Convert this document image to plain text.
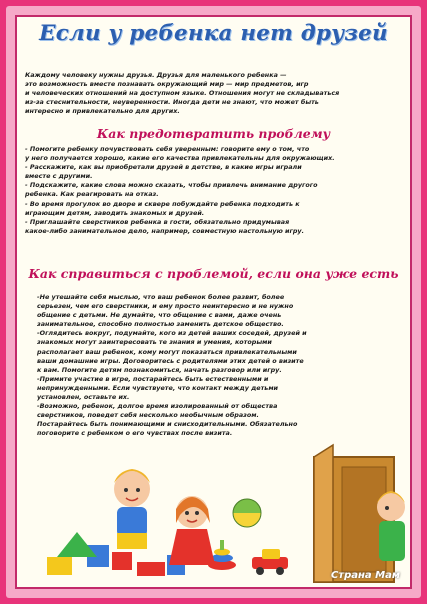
Если у ребенка нет друзей

Каждому человеку нужны друзья. Друзья для маленького ребенка —

это возможность вместе познавать окружающий мир — мир предметов, игр

и человеческих отношений на доступном языке. Отношения могут не складываться

из-за стеснительности, неуверенности. Иногда дети не знают, что может быть

интересно и привлекательно для других.

Как предотвратить проблему

- Помогите ребенку почувствовать себя уверенным: говорите ему о том, что

у него получается хорошо, какие его качества привлекательны для окружающих.

- Расскажите, как вы приобретали друзей в детстве, в какие игры играли

вместе с другими.

- Подскажите, какие слова можно сказать, чтобы привлечь внимание другого

ребенка. Как реагировать на отказ.

- Во время прогулок во дворе и сквере побуждайте ребенка подходить к

играющим детям, заводить знакомых и друзей.

- Приглашайте сверстников ребенка в гости, обязательно придумывая

какое-либо занимательное дело, например, совместную настольную игру.

Как справиться с проблемой, если она уже есть

-Не утешайте себя мыслью, что ваш ребенок более развит, более

серьезен, чем его сверстники, и ему просто неинтересно и не нужно

общение с детьми. Не думайте, что общение с вами, даже очень

занимательное, способно полностью заменить детское общество.

-Оглядитесь вокруг, подумайте, кого из детей ваших соседей, друзей и

знакомых могут заинтересовать те знания и умения, которыми

располагает ваш ребенок, кому могут показаться привлекательными

ваши домашние игры. Договоритесь с родителями этих детей о визите

к вам. Помогите детям познакомиться, начать разговор или игру.

-Примите участие в игре, постарайтесь быть естественными и

непринужденными. Если чувствуете, что контакт между детьми

установлен, оставьте их.

-Возможно, ребенок, долгое время изолированный от общества

сверстников, поведет себя несколько необычным образом.

Постарайтесь быть понимающими и снисходительными. Обязательно

поговорите с ребенком о его чувствах после визита.

Страна Мам
